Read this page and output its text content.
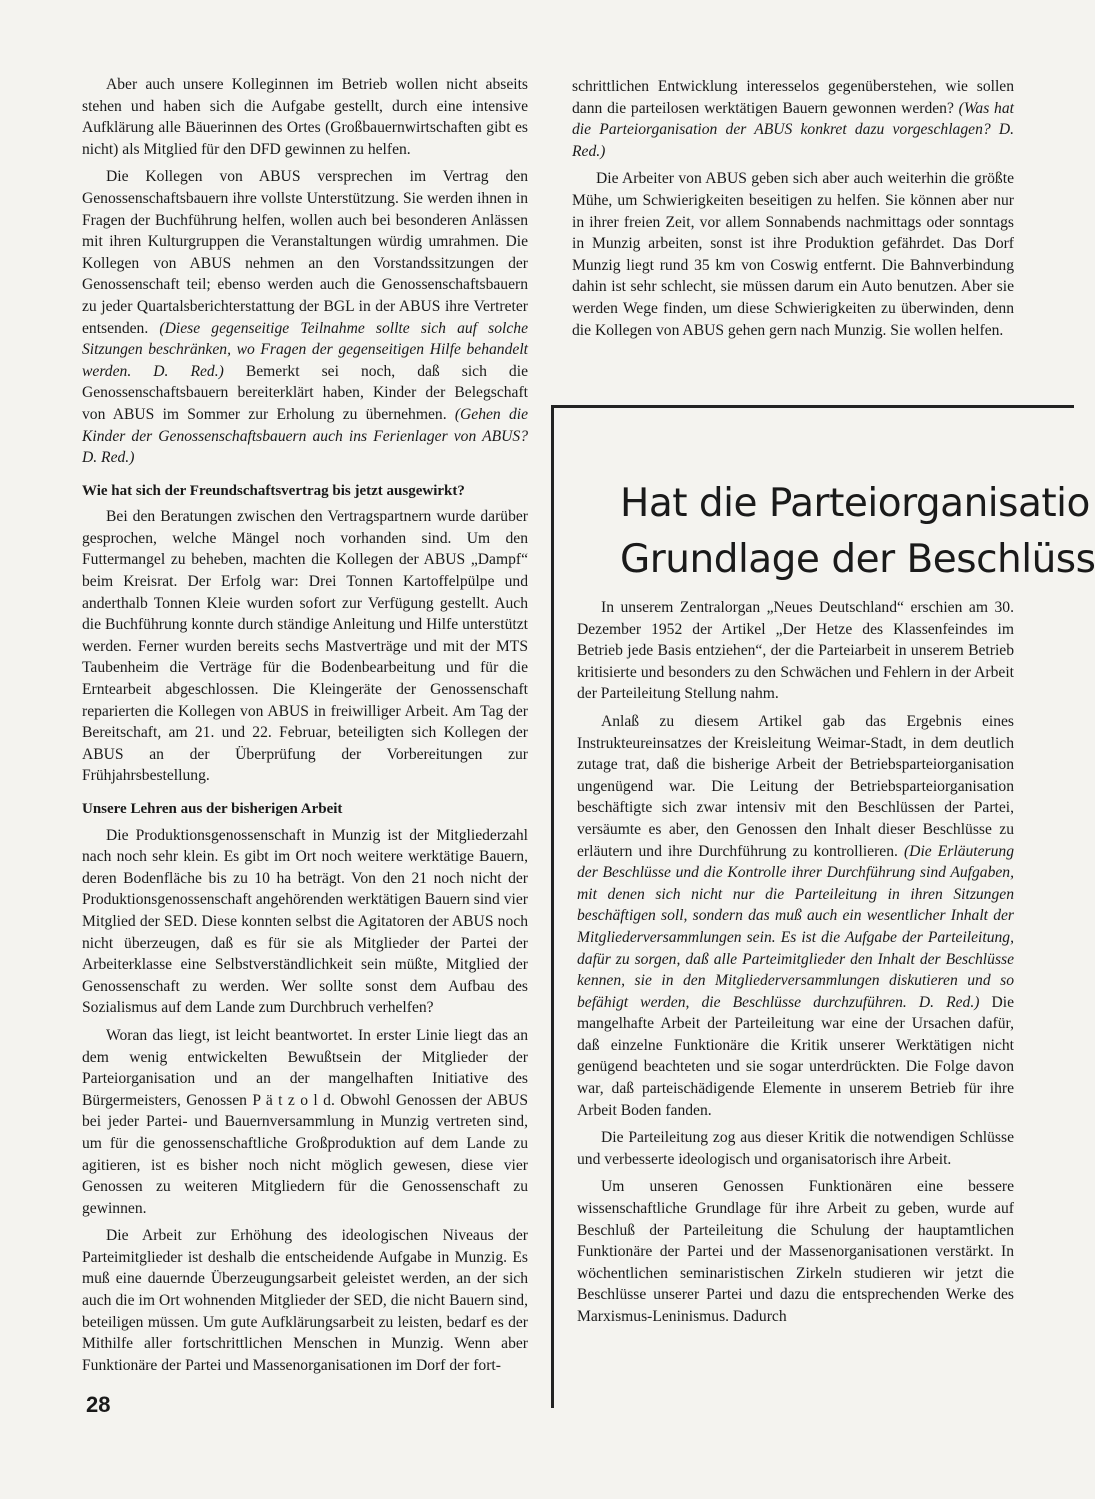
Aber auch unsere Kolleginnen im Betrieb wollen nicht abseits stehen und haben sich die Aufgabe gestellt, durch eine intensive Aufklärung alle Bäuerinnen des Ortes (Großbauernwirtschaften gibt es nicht) als Mitglied für den DFD gewinnen zu helfen.

Die Kollegen von ABUS versprechen im Vertrag den Genossenschaftsbauern ihre vollste Unterstützung. Sie werden ihnen in Fragen der Buchführung helfen, wollen auch bei besonderen Anlässen mit ihren Kulturgruppen die Veranstaltungen würdig umrahmen. Die Kollegen von ABUS nehmen an den Vorstandssitzungen der Genossenschaft teil; ebenso werden auch die Genossenschaftsbauern zu jeder Quartalsberichterstattung der BGL in der ABUS ihre Vertreter entsenden. (Diese gegenseitige Teilnahme sollte sich auf solche Sitzungen beschränken, wo Fragen der gegenseitigen Hilfe behandelt werden. D. Red.) Bemerkt sei noch, daß sich die Genossenschaftsbauern bereiterklärt haben, Kinder der Belegschaft von ABUS im Sommer zur Erholung zu übernehmen. (Gehen die Kinder der Genossenschaftsbauern auch ins Ferienlager von ABUS? D. Red.)

Wie hat sich der Freundschaftsvertrag bis jetzt ausgewirkt?

Bei den Beratungen zwischen den Vertragspartnern wurde darüber gesprochen, welche Mängel noch vorhanden sind. Um den Futtermangel zu beheben, machten die Kollegen der ABUS „Dampf“ beim Kreisrat. Der Erfolg war: Drei Tonnen Kartoffelpülpe und anderthalb Tonnen Kleie wurden sofort zur Verfügung gestellt. Auch die Buchführung konnte durch ständige Anleitung und Hilfe unterstützt werden. Ferner wurden bereits sechs Mastverträge und mit der MTS Taubenheim die Verträge für die Bodenbearbeitung und für die Erntearbeit abgeschlossen. Die Kleingeräte der Genossenschaft reparierten die Kollegen von ABUS in freiwilliger Arbeit. Am Tag der Bereitschaft, am 21. und 22. Februar, beteiligten sich Kollegen der ABUS an der Überprüfung der Vorbereitungen zur Frühjahrsbestellung.

Unsere Lehren aus der bisherigen Arbeit

Die Produktionsgenossenschaft in Munzig ist der Mitgliederzahl nach noch sehr klein. Es gibt im Ort noch weitere werktätige Bauern, deren Bodenfläche bis zu 10 ha beträgt. Von den 21 noch nicht der Produktionsgenossenschaft angehörenden werktätigen Bauern sind vier Mitglied der SED. Diese konnten selbst die Agitatoren der ABUS noch nicht überzeugen, daß es für sie als Mitglieder der Partei der Arbeiterklasse eine Selbstverständlichkeit sein müßte, Mitglied der Genossenschaft zu werden. Wer sollte sonst dem Aufbau des Sozialismus auf dem Lande zum Durchbruch verhelfen?

Woran das liegt, ist leicht beantwortet. In erster Linie liegt das an dem wenig entwickelten Bewußtsein der Mitglieder der Parteiorganisation und an der mangelhaften Initiative des Bürgermeisters, Genossen P ä t z o l d. Obwohl Genossen der ABUS bei jeder Partei- und Bauernversammlung in Munzig vertreten sind, um für die genossenschaftliche Großproduktion auf dem Lande zu agitieren, ist es bisher noch nicht möglich gewesen, diese vier Genossen zu weiteren Mitgliedern für die Genossenschaft zu gewinnen.

Die Arbeit zur Erhöhung des ideologischen Niveaus der Parteimitglieder ist deshalb die entscheidende Aufgabe in Munzig. Es muß eine dauernde Überzeugungsarbeit geleistet werden, an der sich auch die im Ort wohnenden Mitglieder der SED, die nicht Bauern sind, beteiligen müssen. Um gute Aufklärungsarbeit zu leisten, bedarf es der Mithilfe aller fortschrittlichen Menschen in Munzig. Wenn aber Funktionäre der Partei und Massenorganisationen im Dorf der fort-

schrittlichen Entwicklung interesselos gegenüberstehen, wie sollen dann die parteilosen werktätigen Bauern gewonnen werden? (Was hat die Parteiorganisation der ABUS konkret dazu vorgeschlagen? D. Red.)

Die Arbeiter von ABUS geben sich aber auch weiterhin die größte Mühe, um Schwierigkeiten beseitigen zu helfen. Sie können aber nur in ihrer freien Zeit, vor allem Sonnabends nachmittags oder sonntags in Munzig arbeiten, sonst ist ihre Produktion gefährdet. Das Dorf Munzig liegt rund 35 km von Coswig entfernt. Die Bahnverbindung dahin ist sehr schlecht, sie müssen darum ein Auto benutzen. Aber sie werden Wege finden, um diese Schwierigkeiten zu überwinden, denn die Kollegen von ABUS gehen gern nach Munzig. Sie wollen helfen.

Hat die Parteiorganisatio
Grundlage der Beschlüss

In unserem Zentralorgan „Neues Deutschland“ erschien am 30. Dezember 1952 der Artikel „Der Hetze des Klassenfeindes im Betrieb jede Basis entziehen“, der die Parteiarbeit in unserem Betrieb kritisierte und besonders zu den Schwächen und Fehlern in der Arbeit der Parteileitung Stellung nahm.

Anlaß zu diesem Artikel gab das Ergebnis eines Instrukteureinsatzes der Kreisleitung Weimar-Stadt, in dem deutlich zutage trat, daß die bisherige Arbeit der Betriebsparteiorganisation ungenügend war. Die Leitung der Betriebsparteiorganisation beschäftigte sich zwar intensiv mit den Beschlüssen der Partei, versäumte es aber, den Genossen den Inhalt dieser Beschlüsse zu erläutern und ihre Durchführung zu kontrollieren. (Die Erläuterung der Beschlüsse und die Kontrolle ihrer Durchführung sind Aufgaben, mit denen sich nicht nur die Parteileitung in ihren Sitzungen beschäftigen soll, sondern das muß auch ein wesentlicher Inhalt der Mitgliederversammlungen sein. Es ist die Aufgabe der Parteileitung, dafür zu sorgen, daß alle Parteimitglieder den Inhalt der Beschlüsse kennen, sie in den Mitgliederversammlungen diskutieren und so befähigt werden, die Beschlüsse durchzuführen. D. Red.) Die mangelhafte Arbeit der Parteileitung war eine der Ursachen dafür, daß einzelne Funktionäre die Kritik unserer Werktätigen nicht genügend beachteten und sie sogar unterdrückten. Die Folge davon war, daß parteischädigende Elemente in unserem Betrieb für ihre Arbeit Boden fanden.

Die Parteileitung zog aus dieser Kritik die notwendigen Schlüsse und verbesserte ideologisch und organisatorisch ihre Arbeit.

Um unseren Genossen Funktionären eine bessere wissenschaftliche Grundlage für ihre Arbeit zu geben, wurde auf Beschluß der Parteileitung die Schulung der hauptamtlichen Funktionäre der Partei und der Massenorganisationen verstärkt. In wöchentlichen seminaristischen Zirkeln studieren wir jetzt die Beschlüsse unserer Partei und dazu die entsprechenden Werke des Marxismus-Leninismus. Dadurch

28
